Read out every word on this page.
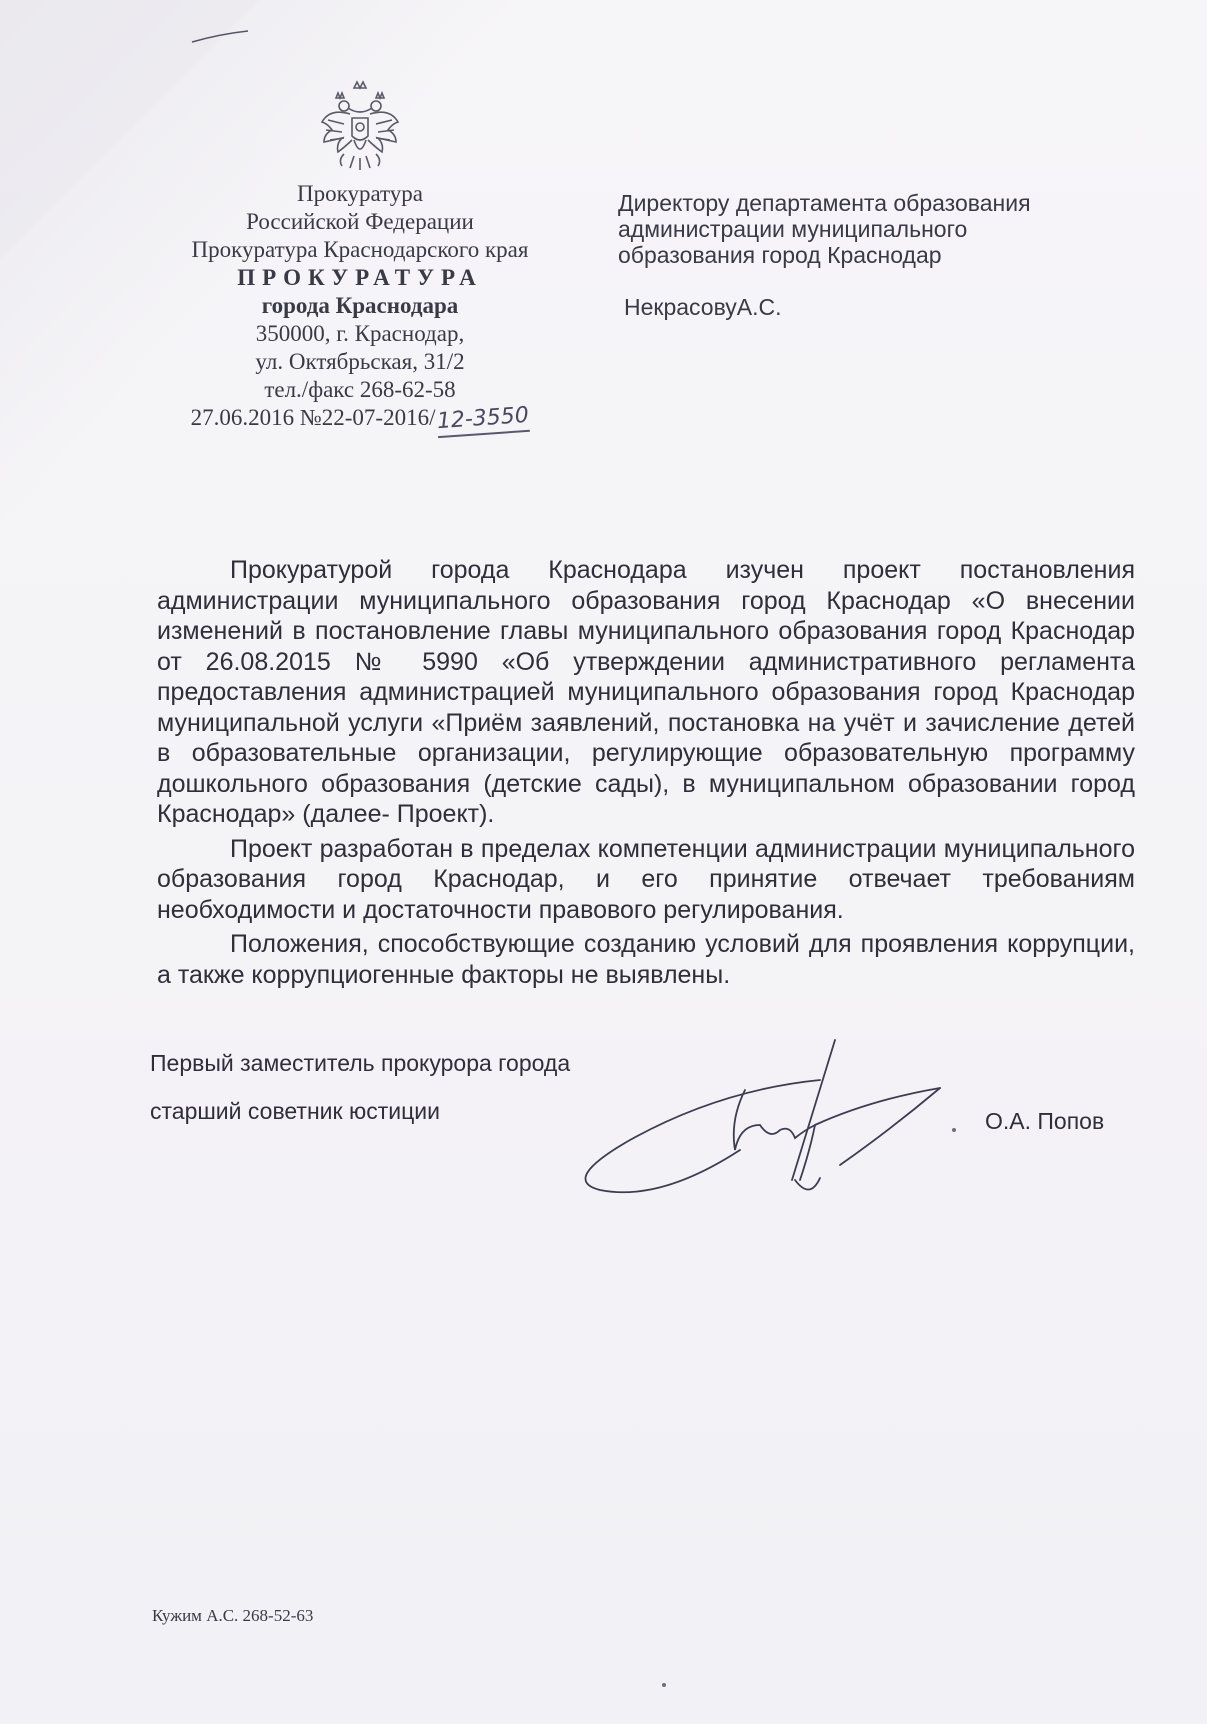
Прокуратура
Российской Федерации
Прокуратура Краснодарского края
ПРОКУРАТУРА
города Краснодара
350000, г. Краснодар,
ул. Октябрьская, 31/2
тел./факс 268-62-58
27.06.2016 №22-07-2016/12-3550
Директору департамента образования
администрации муниципального
образования город Краснодар
НекрасовуА.С.

Прокуратурой города Краснодара изучен проект постановления администрации муниципального образования город Краснодар «О внесении изменений в постановление главы муниципального образования город Краснодар от 26.08.2015 № 5990 «Об утверждении административного регламента предоставления администрацией муниципального образования город Краснодар муниципальной услуги «Приём заявлений, постановка на учёт и зачисление детей в образовательные организации, регулирующие образовательную программу дошкольного образования (детские сады), в муниципальном образовании город Краснодар» (далее- Проект).

Проект разработан в пределах компетенции администрации муниципального образования город Краснодар, и его принятие отвечает требованиям необходимости и достаточности правового регулирования.

Положения, способствующие созданию условий для проявления коррупции, а также коррупциогенные факторы не выявлены.

Первый заместитель прокурора города
старший советник юстиции	О.А. Попов
Кужим А.С. 268-52-63
